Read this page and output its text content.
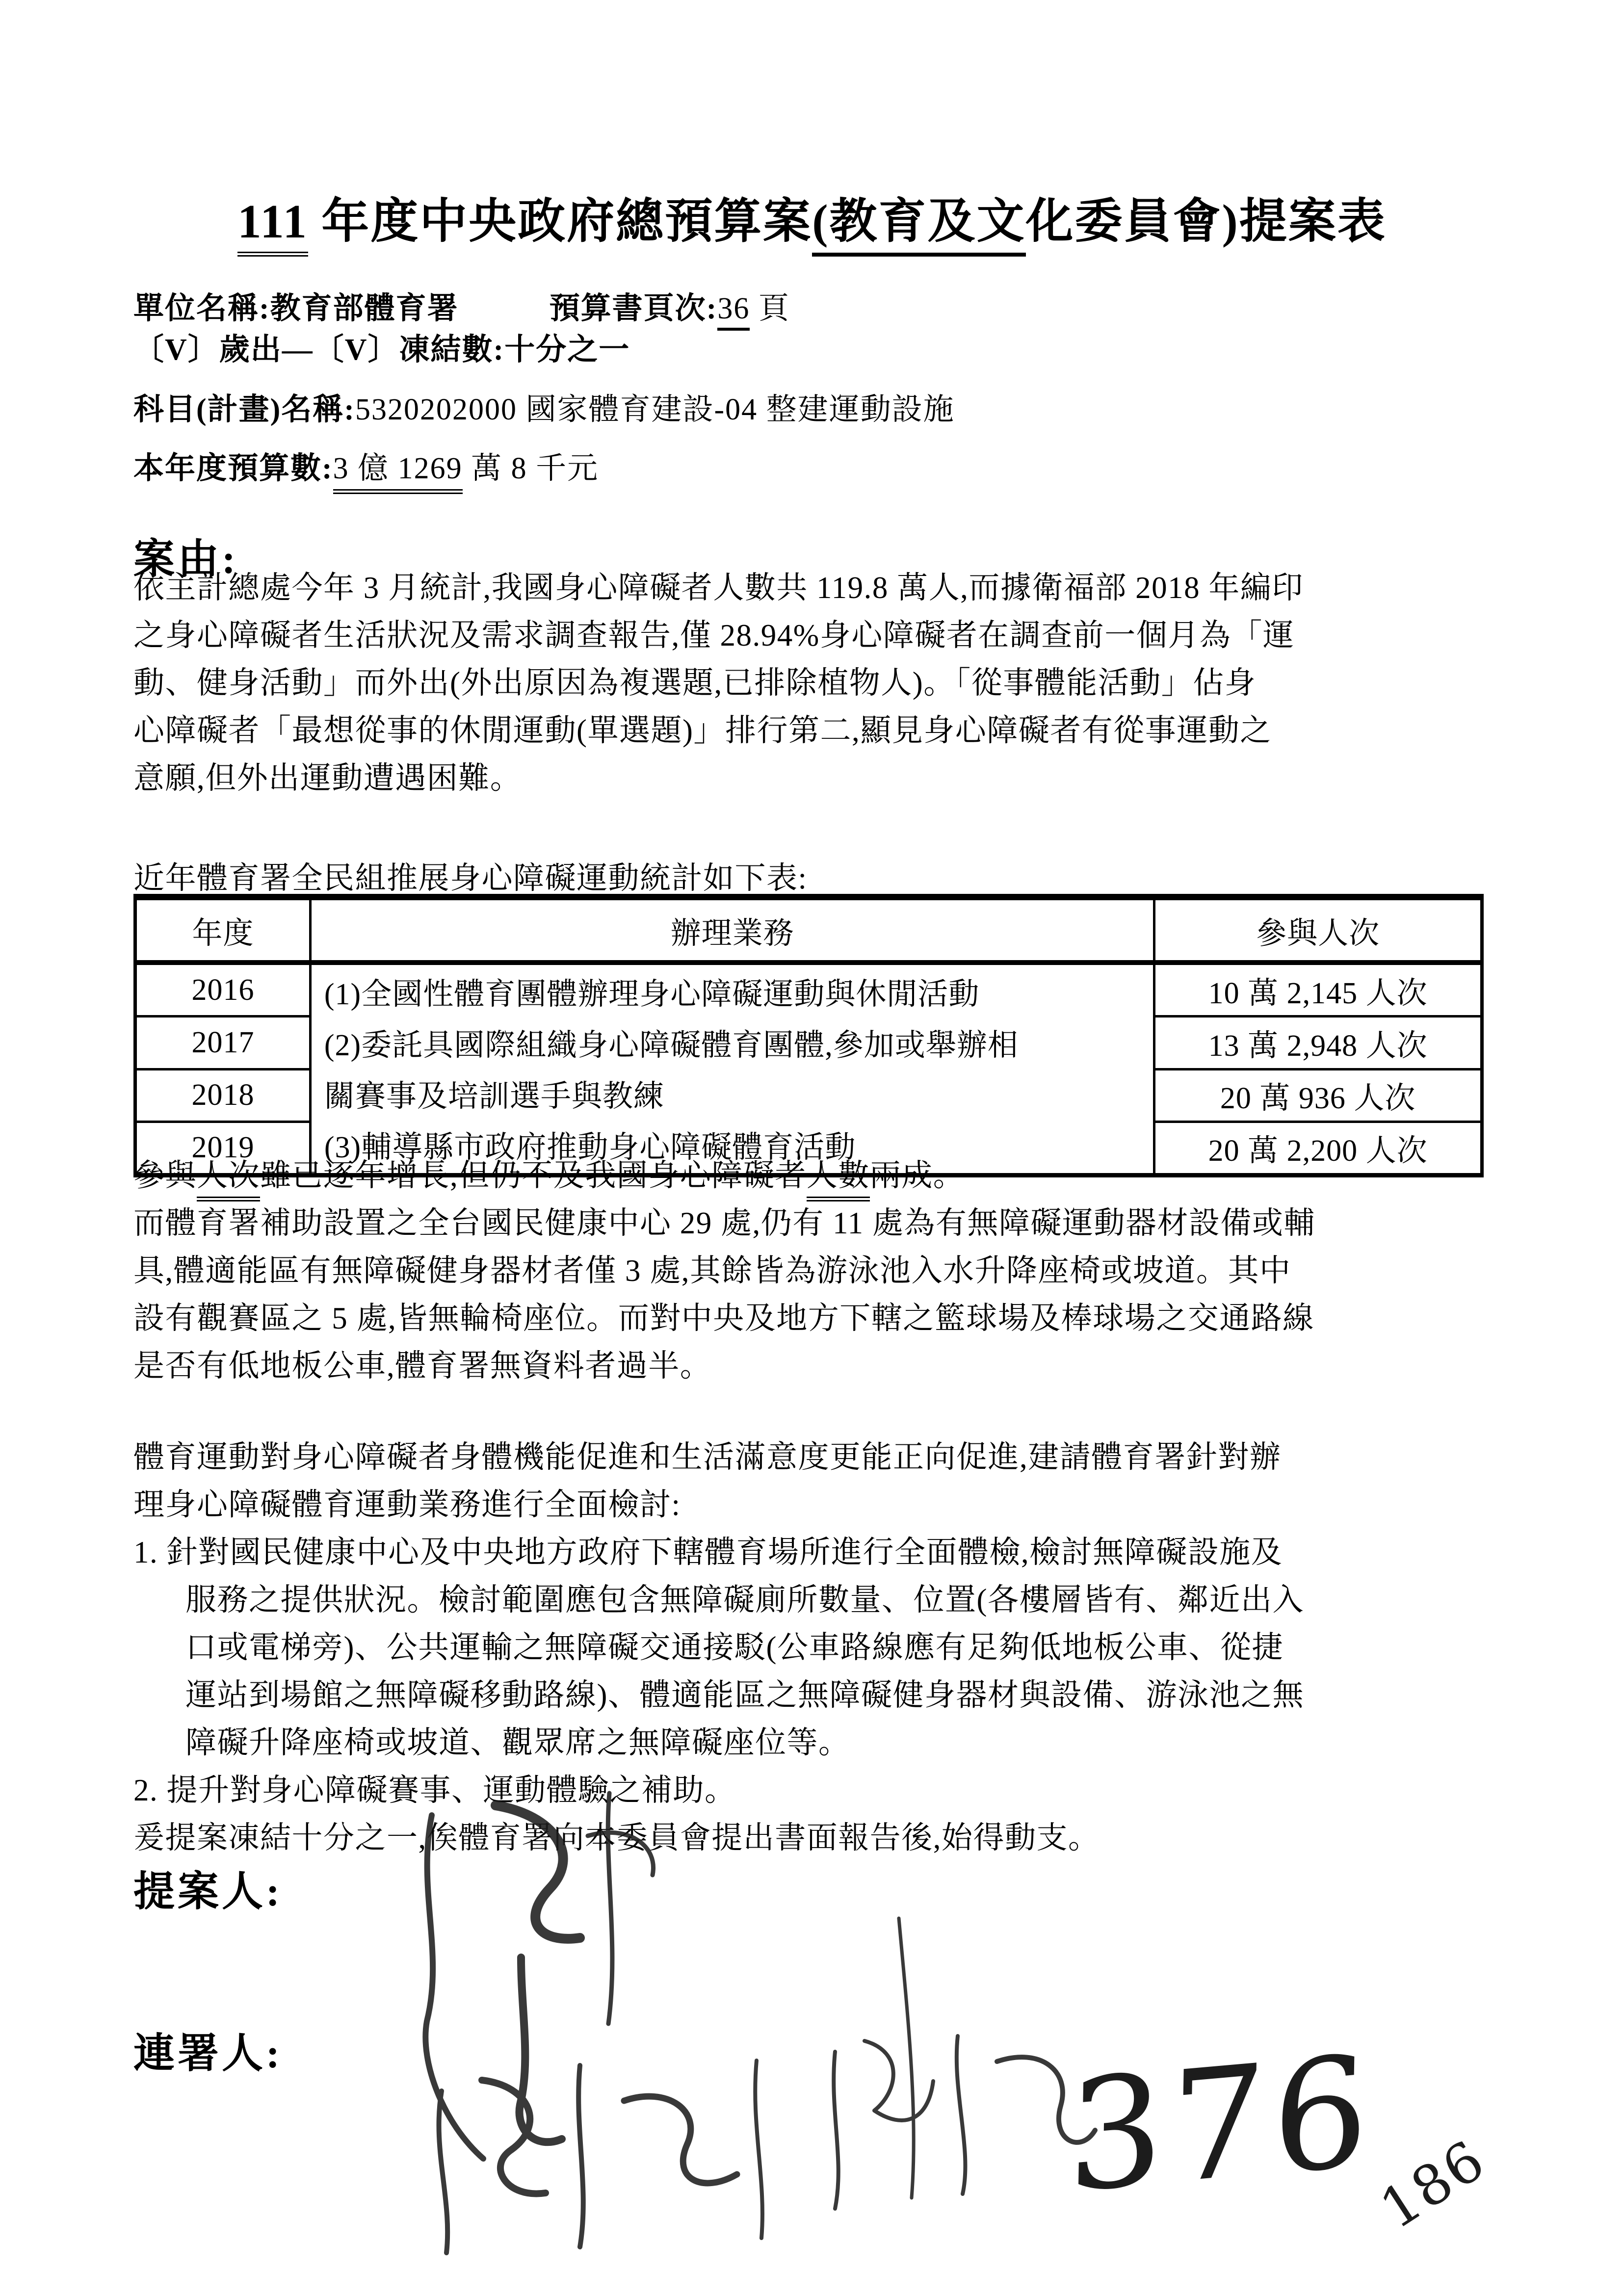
111 年度中央政府總預算案(教育及文化委員會)提案表
單位名稱:教育部體育署	預算書頁次:36 頁
〔V〕歲出—〔V〕凍結數:十分之一
科目(計畫)名稱:5320202000 國家體育建設-04 整建運動設施
本年度預算數:3 億 1269 萬 8 千元
案由:
依主計總處今年 3 月統計,我國身心障礙者人數共 119.8 萬人,而據衛福部 2018 年編印
之身心障礙者生活狀況及需求調查報告,僅 28.94%身心障礙者在調查前一個月為「運
動、健身活動」而外出(外出原因為複選題,已排除植物人)。「從事體能活動」佔身
心障礙者「最想從事的休閒運動(單選題)」排行第二,顯見身心障礙者有從事運動之
意願,但外出運動遭遇困難。
近年體育署全民組推展身心障礙運動統計如下表:
年度	辦理業務	參與人次
2016	(1)全國性體育團體辦理身心障礙運動與休閒活動
(2)委託具國際組織身心障礙體育團體,參加或舉辦相
關賽事及培訓選手與教練
(3)輔導縣市政府推動身心障礙體育活動	10 萬 2,145 人次
2017		13 萬 2,948 人次
2018		20 萬 936 人次
2019		20 萬 2,200 人次
參與人次雖已逐年增長,但仍不及我國身心障礙者人數兩成。
而體育署補助設置之全台國民健康中心 29 處,仍有 11 處為有無障礙運動器材設備或輔
具,體適能區有無障礙健身器材者僅 3 處,其餘皆為游泳池入水升降座椅或坡道。其中
設有觀賽區之 5 處,皆無輪椅座位。而對中央及地方下轄之籃球場及棒球場之交通路線
是否有低地板公車,體育署無資料者過半。
體育運動對身心障礙者身體機能促進和生活滿意度更能正向促進,建請體育署針對辦
理身心障礙體育運動業務進行全面檢討:
1. 針對國民健康中心及中央地方政府下轄體育場所進行全面體檢,檢討無障礙設施及
服務之提供狀況。檢討範圍應包含無障礙廁所數量、位置(各樓層皆有、鄰近出入
口或電梯旁)、公共運輸之無障礙交通接駁(公車路線應有足夠低地板公車、從捷
運站到場館之無障礙移動路線)、體適能區之無障礙健身器材與設備、游泳池之無
障礙升降座椅或坡道、觀眾席之無障礙座位等。
2. 提升對身心障礙賽事、運動體驗之補助。
爰提案凍結十分之一,俟體育署向本委員會提出書面報告後,始得動支。
提案人:
連署人:	376
186
